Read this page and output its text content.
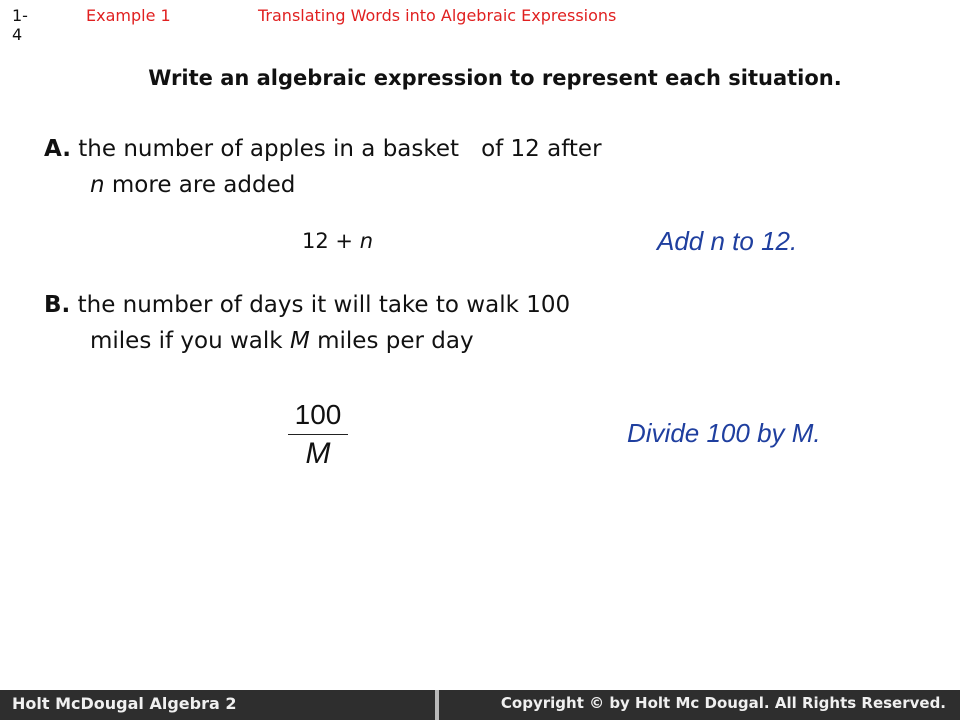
1-4
Example 1	Translating Words into Algebraic Expressions
Write an algebraic expression to represent each situation.
A. the number of apples in a basket of 12 after
n more are added
12 + n	Add n to 12.
B. the number of days it will take to walk 100
miles if you walk M miles per day
100
M
Divide 100 by M.
Holt McDougal Algebra 2	Copyright © by Holt Mc Dougal. All Rights Reserved.
